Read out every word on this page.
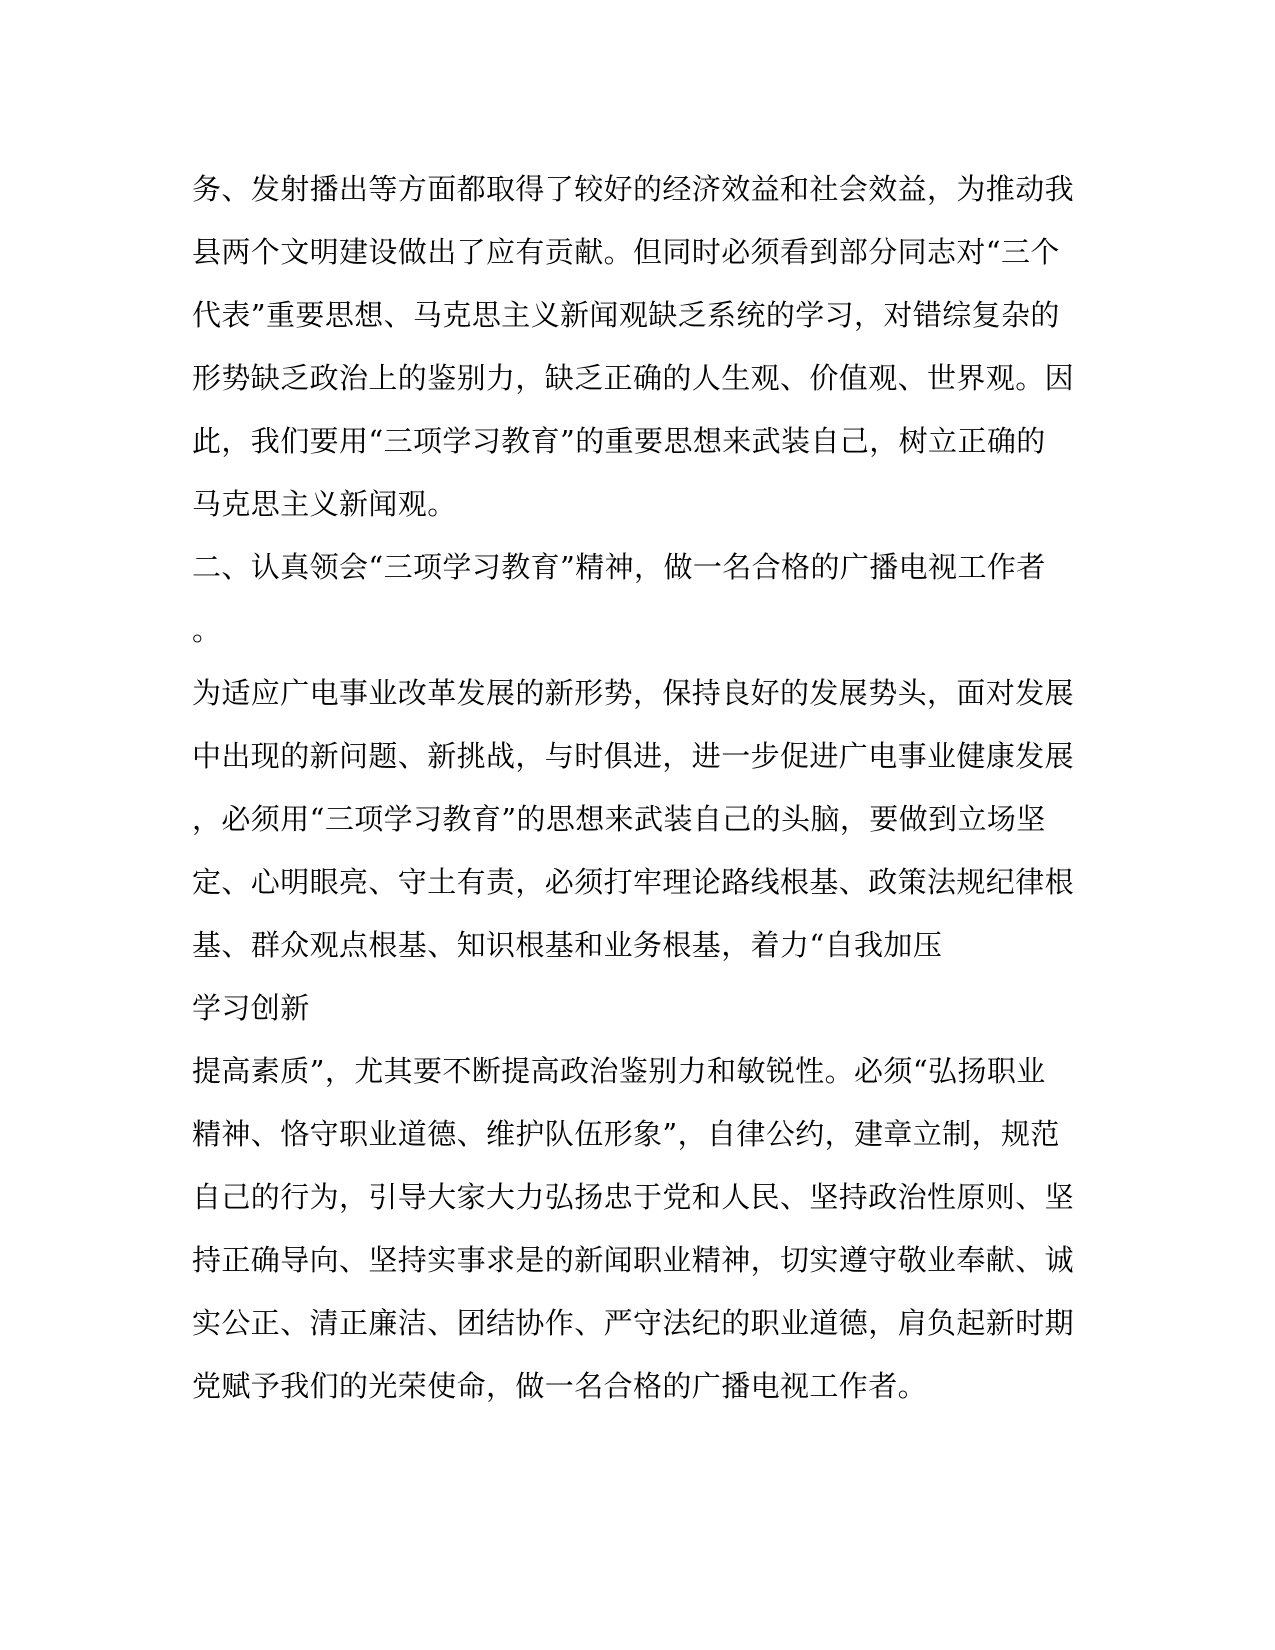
务、发射播出等方面都取得了较好的经济效益和社会效益，为推动我
县两个文明建设做出了应有贡献。但同时必须看到部分同志对“三个
代表”重要思想、马克思主义新闻观缺乏系统的学习，对错综复杂的
形势缺乏政治上的鉴别力，缺乏正确的人生观、价值观、世界观。因
此，我们要用“三项学习教育”的重要思想来武装自己，树立正确的
马克思主义新闻观。
二、认真领会“三项学习教育”精神，做一名合格的广播电视工作者
。
为适应广电事业改革发展的新形势，保持良好的发展势头，面对发展
中出现的新问题、新挑战，与时俱进，进一步促进广电事业健康发展
，必须用“三项学习教育”的思想来武装自己的头脑，要做到立场坚
定、心明眼亮、守土有责，必须打牢理论路线根基、政策法规纪律根
基、群众观点根基、知识根基和业务根基，着力“自我加压
学习创新
提高素质”，尤其要不断提高政治鉴别力和敏锐性。必须“弘扬职业
精神、恪守职业道德、维护队伍形象”，自律公约，建章立制，规范
自己的行为，引导大家大力弘扬忠于党和人民、坚持政治性原则、坚
持正确导向、坚持实事求是的新闻职业精神，切实遵守敬业奉献、诚
实公正、清正廉洁、团结协作、严守法纪的职业道德，肩负起新时期
党赋予我们的光荣使命，做一名合格的广播电视工作者。
